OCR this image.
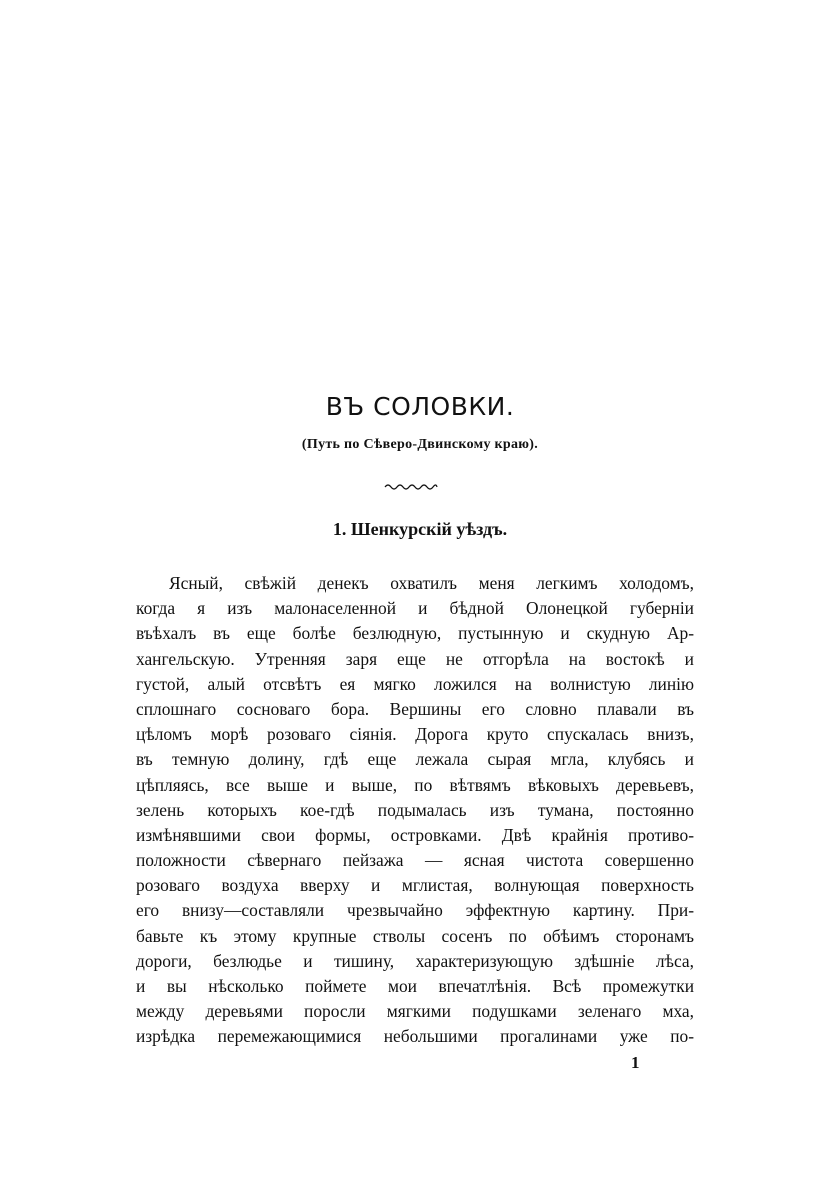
ВЪ СОЛОВКИ.
(Путь по Сѣверо-Двинскому краю).
1. Шенкурскій уѣздъ.
Ясный, свѣжій денекъ охватилъ меня легкимъ холодомъ,
когда я изъ малонаселенной и бѣдной Олонецкой губерніи
въѣхалъ въ еще болѣе безлюдную, пустынную и скудную Ар-
хангельскую. Утренняя заря еще не отгорѣла на востокѣ и
густой, алый отсвѣтъ ея мягко ложился на волнистую линію
сплошнаго сосноваго бора. Вершины его словно плавали въ
цѣломъ морѣ розоваго сіянія. Дорога круто спускалась внизъ,
въ темную долину, гдѣ еще лежала сырая мгла, клубясь и
цѣпляясь, все выше и выше, по вѣтвямъ вѣковыхъ деревьевъ,
зелень которыхъ кое-гдѣ подымалась изъ тумана, постоянно
измѣнявшими свои формы, островками. Двѣ крайнія противо-
положности сѣвернаго пейзажа — ясная чистота совершенно
розоваго воздуха вверху и мглистая, волнующая поверхность
его внизу—составляли чрезвычайно эффектную картину. При-
бавьте къ этому крупные стволы сосенъ по обѣимъ сторонамъ
дороги, безлюдье и тишину, характеризующую здѣшніе лѣса,
и вы нѣсколько поймете мои впечатлѣнія. Всѣ промежутки
между деревьями поросли мягкими подушками зеленаго мха,
изрѣдка перемежающимися небольшими прогалинами уже по-
1
